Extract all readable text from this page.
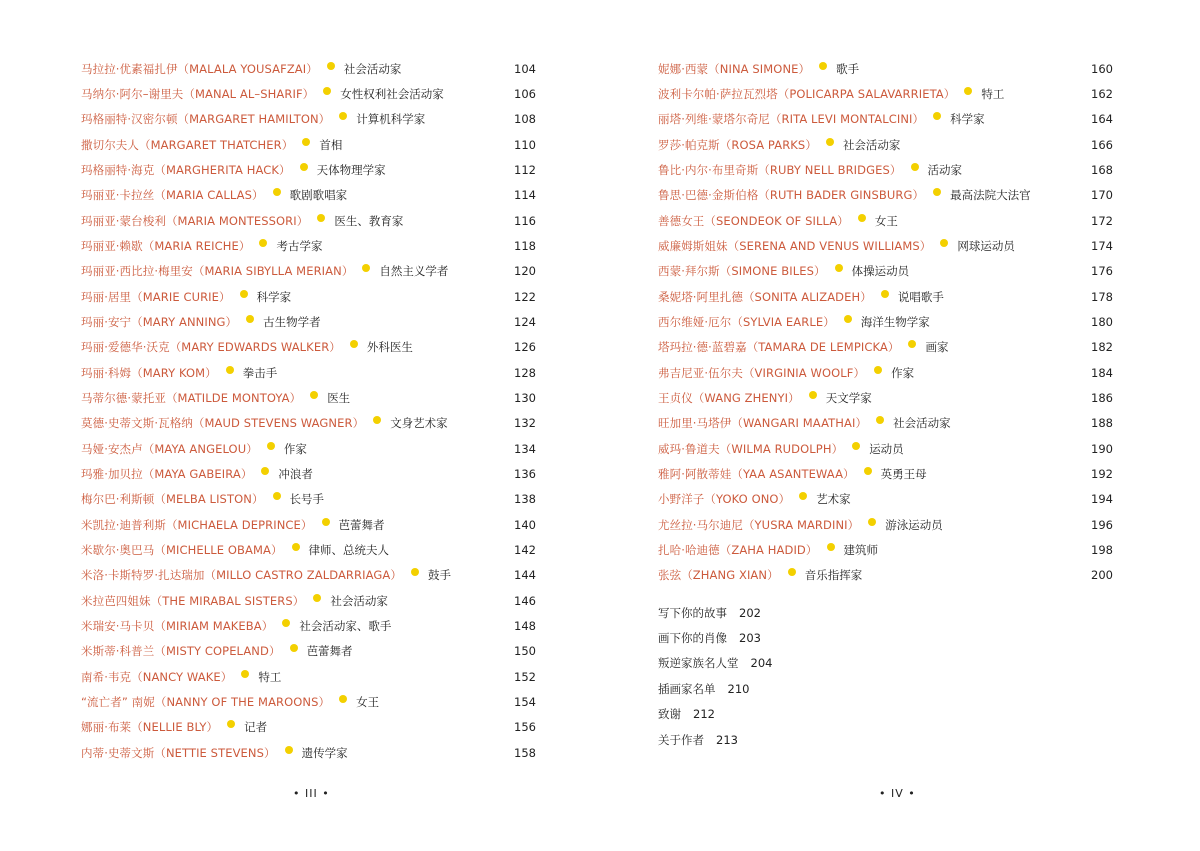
马拉拉·优素福扎伊（MALALA YOUSAFZAI） 社会活动家	104
马纳尔·阿尔–谢里夫（MANAL AL–SHARIF） 女性权利社会活动家	106
玛格丽特·汉密尔顿（MARGARET HAMILTON） 计算机科学家	108
撒切尔夫人（MARGARET THATCHER） 首相	110
玛格丽特·海克（MARGHERITA HACK） 天体物理学家	112
玛丽亚·卡拉丝（MARIA CALLAS） 歌剧歌唱家	114
玛丽亚·蒙台梭利（MARIA MONTESSORI） 医生、教育家	116
玛丽亚·赖歇（MARIA REICHE） 考古学家	118
玛丽亚·西比拉·梅里安（MARIA SIBYLLA MERIAN） 自然主义学者	120
玛丽·居里（MARIE CURIE） 科学家	122
玛丽·安宁（MARY ANNING） 古生物学者	124
玛丽·爱德华·沃克（MARY EDWARDS WALKER） 外科医生	126
玛丽·科姆（MARY KOM） 拳击手	128
马蒂尔德·蒙托亚（MATILDE MONTOYA） 医生	130
莫德·史蒂文斯·瓦格纳（MAUD STEVENS WAGNER） 文身艺术家	132
马娅·安杰卢（MAYA ANGELOU） 作家	134
玛雅·加贝拉（MAYA GABEIRA） 冲浪者	136
梅尔巴·利斯顿（MELBA LISTON） 长号手	138
米凯拉·迪普利斯（MICHAELA DEPRINCE） 芭蕾舞者	140
米歇尔·奥巴马（MICHELLE OBAMA） 律师、总统夫人	142
米洛·卡斯特罗·扎达瑞加（MILLO CASTRO ZALDARRIAGA） 鼓手	144
米拉芭四姐妹（THE MIRABAL SISTERS） 社会活动家	146
米瑞安·马卡贝（MIRIAM MAKEBA） 社会活动家、歌手	148
米斯蒂·科普兰（MISTY COPELAND） 芭蕾舞者	150
南希·韦克（NANCY WAKE） 特工	152
“流亡者” 南妮（NANNY OF THE MAROONS） 女王	154
娜丽·布莱（NELLIE BLY） 记者	156
内蒂·史蒂文斯（NETTIE STEVENS） 遗传学家	158
• III •
妮娜·西蒙（NINA SIMONE） 歌手	160
波利卡尔帕·萨拉瓦烈塔（POLICARPA SALAVARRIETA） 特工	162
丽塔·列维·蒙塔尔奇尼（RITA LEVI MONTALCINI） 科学家	164
罗莎·帕克斯（ROSA PARKS） 社会活动家	166
鲁比·内尔·布里奇斯（RUBY NELL BRIDGES） 活动家	168
鲁思·巴德·金斯伯格（RUTH BADER GINSBURG） 最高法院大法官	170
善德女王（SEONDEOK OF SILLA） 女王	172
威廉姆斯姐妹（SERENA AND VENUS WILLIAMS） 网球运动员	174
西蒙·拜尔斯（SIMONE BILES） 体操运动员	176
桑妮塔·阿里扎德（SONITA ALIZADEH） 说唱歌手	178
西尔维娅·厄尔（SYLVIA EARLE） 海洋生物学家	180
塔玛拉·德·蓝碧嘉（TAMARA DE LEMPICKA） 画家	182
弗吉尼亚·伍尔夫（VIRGINIA WOOLF） 作家	184
王贞仪（WANG ZHENYI） 天文学家	186
旺加里·马塔伊（WANGARI MAATHAI） 社会活动家	188
威玛·鲁道夫（WILMA RUDOLPH） 运动员	190
雅阿·阿散蒂娃（YAA ASANTEWAA） 英勇王母	192
小野洋子（YOKO ONO） 艺术家	194
尤丝拉·马尔迪尼（YUSRA MARDINI） 游泳运动员	196
扎哈·哈迪德（ZAHA HADID） 建筑师	198
张弦（ZHANG XIAN） 音乐指挥家	200
写下你的故事 202
画下你的肖像 203
叛逆家族名人堂 204
插画家名单 210
致谢 212
关于作者 213
• IV •
